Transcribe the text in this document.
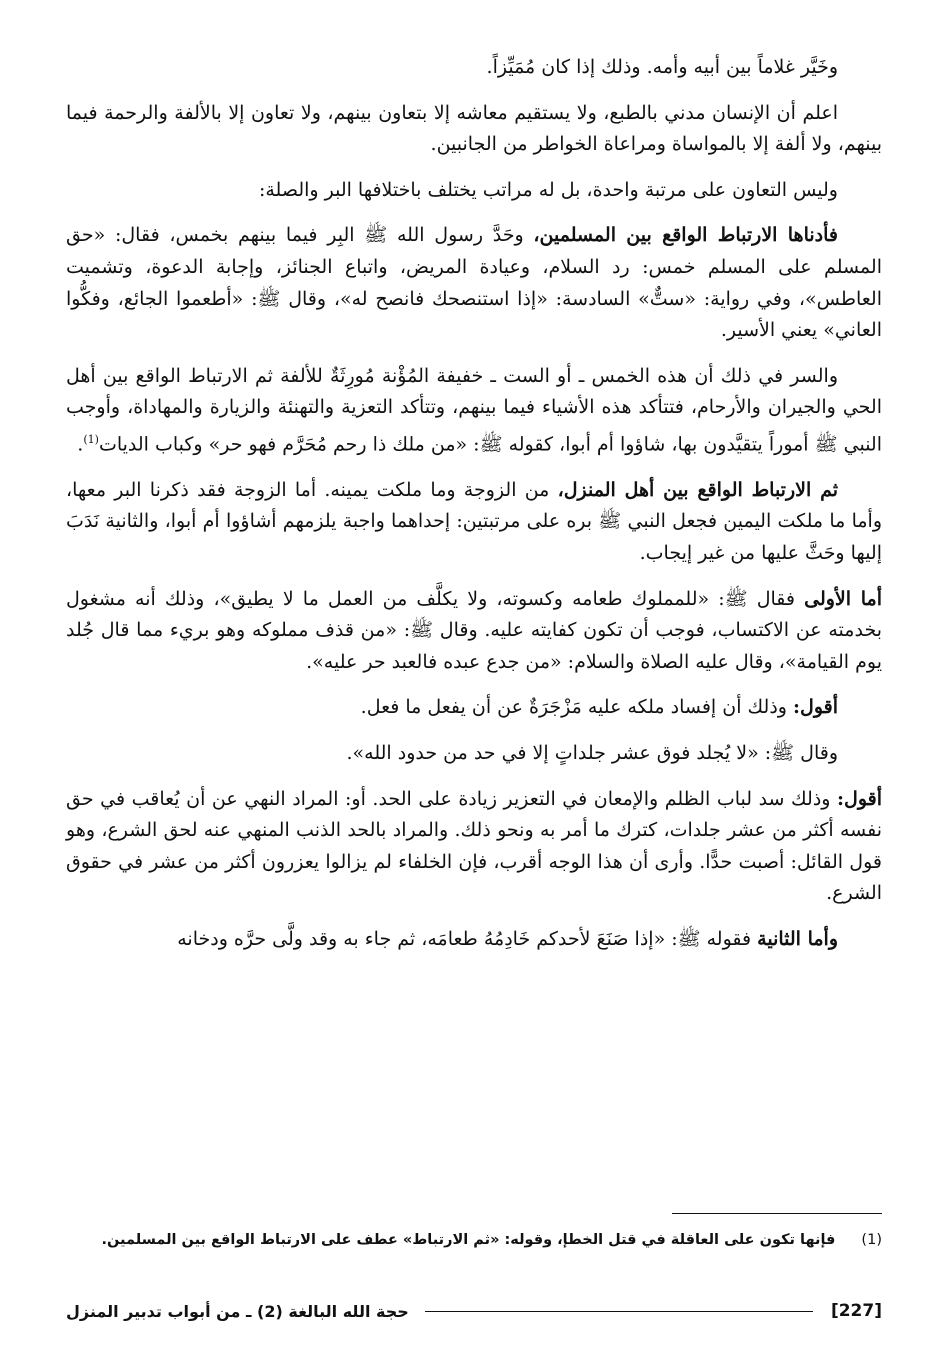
وخَيَّر غلاماً بين أبيه وأمه. وذلك إذا كان مُمَيِّزاً.

اعلم أن الإنسان مدني بالطبع، ولا يستقيم معاشه إلا بتعاون بينهم، ولا تعاون إلا بالألفة والرحمة فيما بينهم، ولا ألفة إلا بالمواساة ومراعاة الخواطر من الجانبين.

وليس التعاون على مرتبة واحدة، بل له مراتب يختلف باختلافها البر والصلة:

فأدناها الارتباط الواقع بين المسلمين، وحَدَّ رسول الله ﷺ البِر فيما بينهم بخمس، فقال: «حق المسلم على المسلم خمس: رد السلام، وعيادة المريض، واتباع الجنائز، وإجابة الدعوة، وتشميت العاطس»، وفي رواية: «ستٌّ» السادسة: «إذا استنصحك فانصح له»، وقال ﷺ: «أطعموا الجائع، وفكُّوا العاني» يعني الأسير.

والسر في ذلك أن هذه الخمس ـ أو الست ـ خفيفة المُؤْنة مُورِثَةٌ للألفة ثم الارتباط الواقع بين أهل الحي والجيران والأرحام، فتتأكد هذه الأشياء فيما بينهم، وتتأكد التعزية والتهنئة والزيارة والمهاداة، وأوجب النبي ﷺ أموراً يتقيَّدون بها، شاؤوا أم أبوا، كقوله ﷺ: «من ملك ذا رحم مُحَرَّم فهو حر» وكباب الديات$^{(1)}$.

ثم الارتباط الواقع بين أهل المنزل، من الزوجة وما ملكت يمينه. أما الزوجة فقد ذكرنا البر معها، وأما ما ملكت اليمين فجعل النبي ﷺ بره على مرتبتين: إحداهما واجبة يلزمهم أشاؤوا أم أبوا، والثانية نَدَبَ إليها وحَثَّ عليها من غير إيجاب.

أما الأولى فقال ﷺ: «للمملوك طعامه وكسوته، ولا يكلَّف من العمل ما لا يطيق»، وذلك أنه مشغول بخدمته عن الاكتساب، فوجب أن تكون كفايته عليه. وقال ﷺ: «من قذف مملوكه وهو بريء مما قال جُلد يوم القيامة»، وقال عليه الصلاة والسلام: «من جدع عبده فالعبد حر عليه».

أقول: وذلك أن إفساد ملكه عليه مَزْجَرَةٌ عن أن يفعل ما فعل.

وقال ﷺ: «لا يُجلد فوق عشر جلداتٍ إلا في حد من حدود الله».

أقول: وذلك سد لباب الظلم والإمعان في التعزير زيادة على الحد. أو: المراد النهي عن أن يُعاقب في حق نفسه أكثر من عشر جلدات، كترك ما أمر به ونحو ذلك. والمراد بالحد الذنب المنهي عنه لحق الشرع، وهو قول القائل: أصبت حدًّا. وأرى أن هذا الوجه أقرب، فإن الخلفاء لم يزالوا يعزرون أكثر من عشر في حقوق الشرع.

وأما الثانية فقوله ﷺ: «إذا صَنَعَ لأحدكم خَادِمُهُ طعامَه، ثم جاء به وقد ولَّى حرَّه ودخانه

(1)فإنها تكون على العاقلة في قتل الخطإ، وقوله: «ثم الارتباط» عطف على الارتباط الواقع بين المسلمين.
[227]
حجة الله البالغة (2) ـ من أبواب تدبير المنزل
